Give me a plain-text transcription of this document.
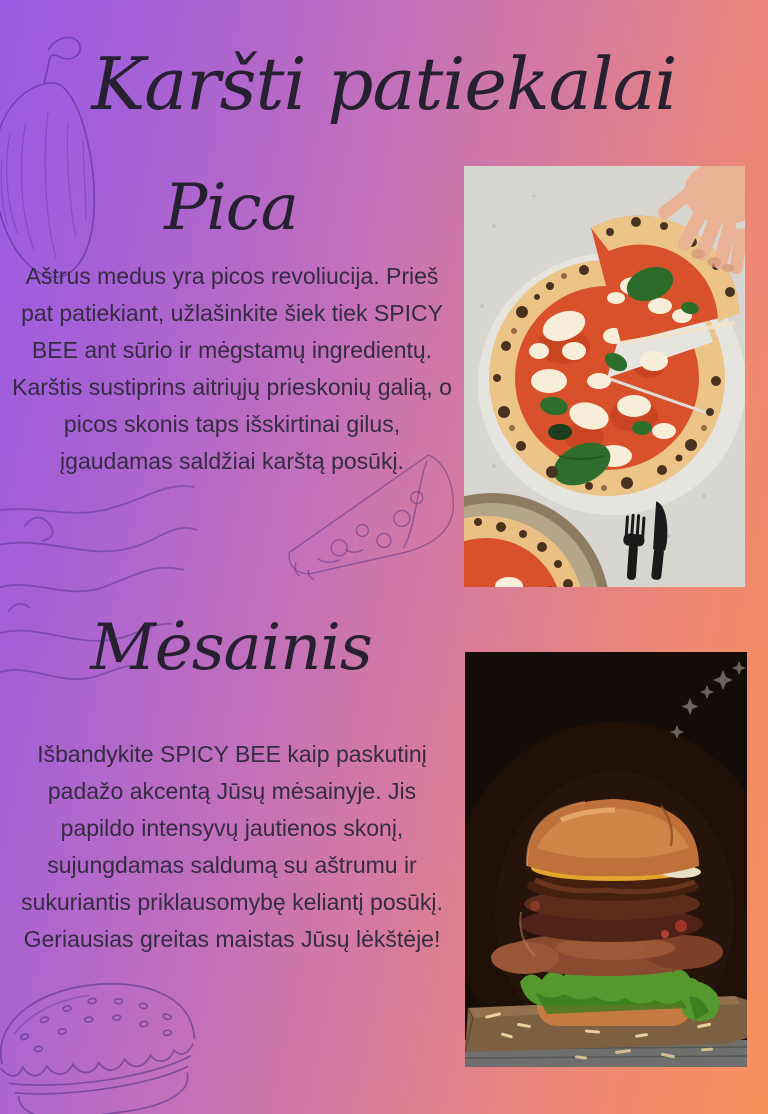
Karšti patiekalai
Pica

Aštrus medus yra picos revoliucija. Prieš pat patiekiant, užlašinkite šiek tiek SPICY BEE ant sūrio ir mėgstamų ingredientų. Karštis sustiprins aitriųjų prieskonių galią, o picos skonis taps išskirtinai gilus, įgaudamas saldžiai karštą posūkį.

Mėsainis

Išbandykite SPICY BEE kaip paskutinį padažo akcentą Jūsų mėsainyje. Jis papildo intensyvų jautienos skonį, sujungdamas saldumą su aštrumu ir sukuriantis priklausomybę keliantį posūkį. Geriausias greitas maistas Jūsų lėkštėje!
